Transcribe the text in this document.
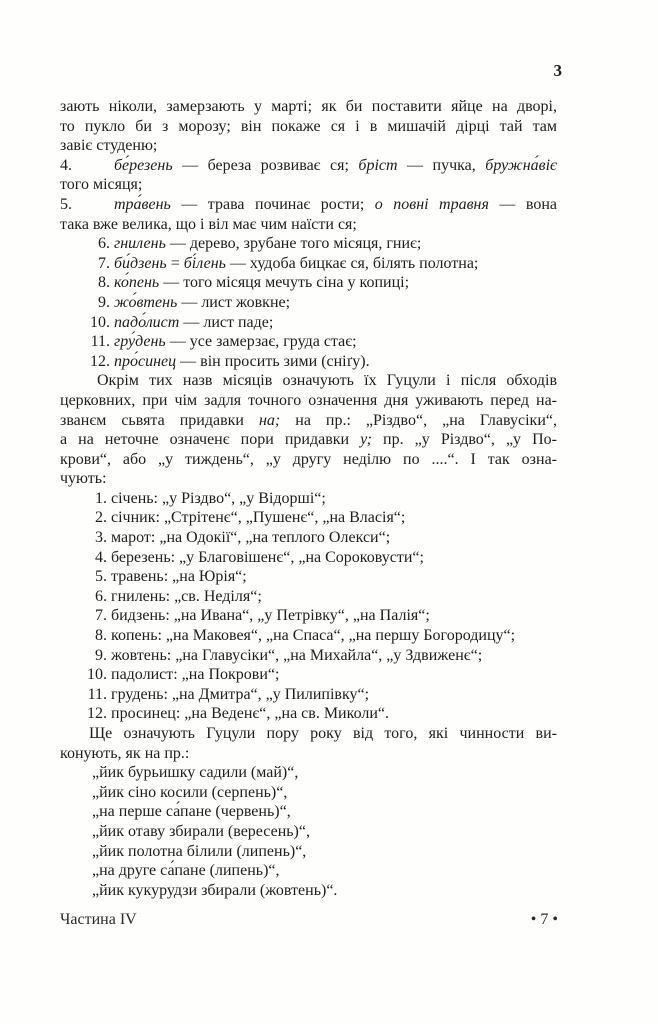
3
зають ніколи, замерзають у марті; як би поставити яйце на дворі,
то пукло би з морозу; він покаже ся і в мишачій дірці тай там
завіє студеню;
4.	бе́резень — береза розвиває ся; бріст — пучка, бружна́віє
того місяця;
5.	тра́вень — трава починає рости; о повні травня — вона
така вже велика, що і віл має чим наїсти ся;
6. гнилень — дерево, зрубане того місяця, гниє;
7. би́дзень = бі́лень — худоба бицкає ся, білять полотна;
8. ко́пень — того місяця мечуть сіна у копиці;
9. жо́втень — лист жовкне;
10. падо́лист — лист паде;
11. гру́день — усе замерзає, груда стає;
12. про́синец — він просить зими (сніґу).
Окрім тих назв місяців означують їх Гуцули і після обходів
церковних, при чім задля точного означення дня уживають перед на-
званєм сьвята придавки на; на пр.: „Різдво“, „на Главусіки“,
а на неточне означенє пори придавки у; пр. „у Різдво“, „у По-
крови“, або „у тиждень“, „у другу неділю по ....“. І так озна-
чують:
1. січень: „у Різдво“, „у Відорші“;
2. січник: „Стрітенє“, „Пушенє“, „на Власія“;
3. марот: „на Одокії“, „на теплого Олекси“;
4. березень: „у Благовішенє“, „на Сороковусти“;
5. травень: „на Юрія“;
6. гнилень: „св. Неділя“;
7. бидзень: „на Ивана“, „у Петрівку“, „на Палія“;
8. копень: „на Маковея“, „на Спаса“, „на першу Богородицу“;
9. жовтень: „на Главусіки“, „на Михайла“, „у Здвиженє“;
10. падолист: „на Покрови“;
11. грудень: „на Дмитра“, „у Пилипівку“;
12. просинец: „на Веденє“, „на св. Миколи“.
Ще означують Гуцули пору року від того, які чинности ви-
конують, як на пр.:
„йик бурьишку садили (май)“,
„йик сіно косили (серпень)“,
„на перше са́пане (червень)“,
„йик отаву збирали (вересень)“,
„йик полотна білили (липень)“,
„на друге са́пане (липень)“,
„йик кукурудзи збирали (жовтень)“.
Частина IV	• 7 •
